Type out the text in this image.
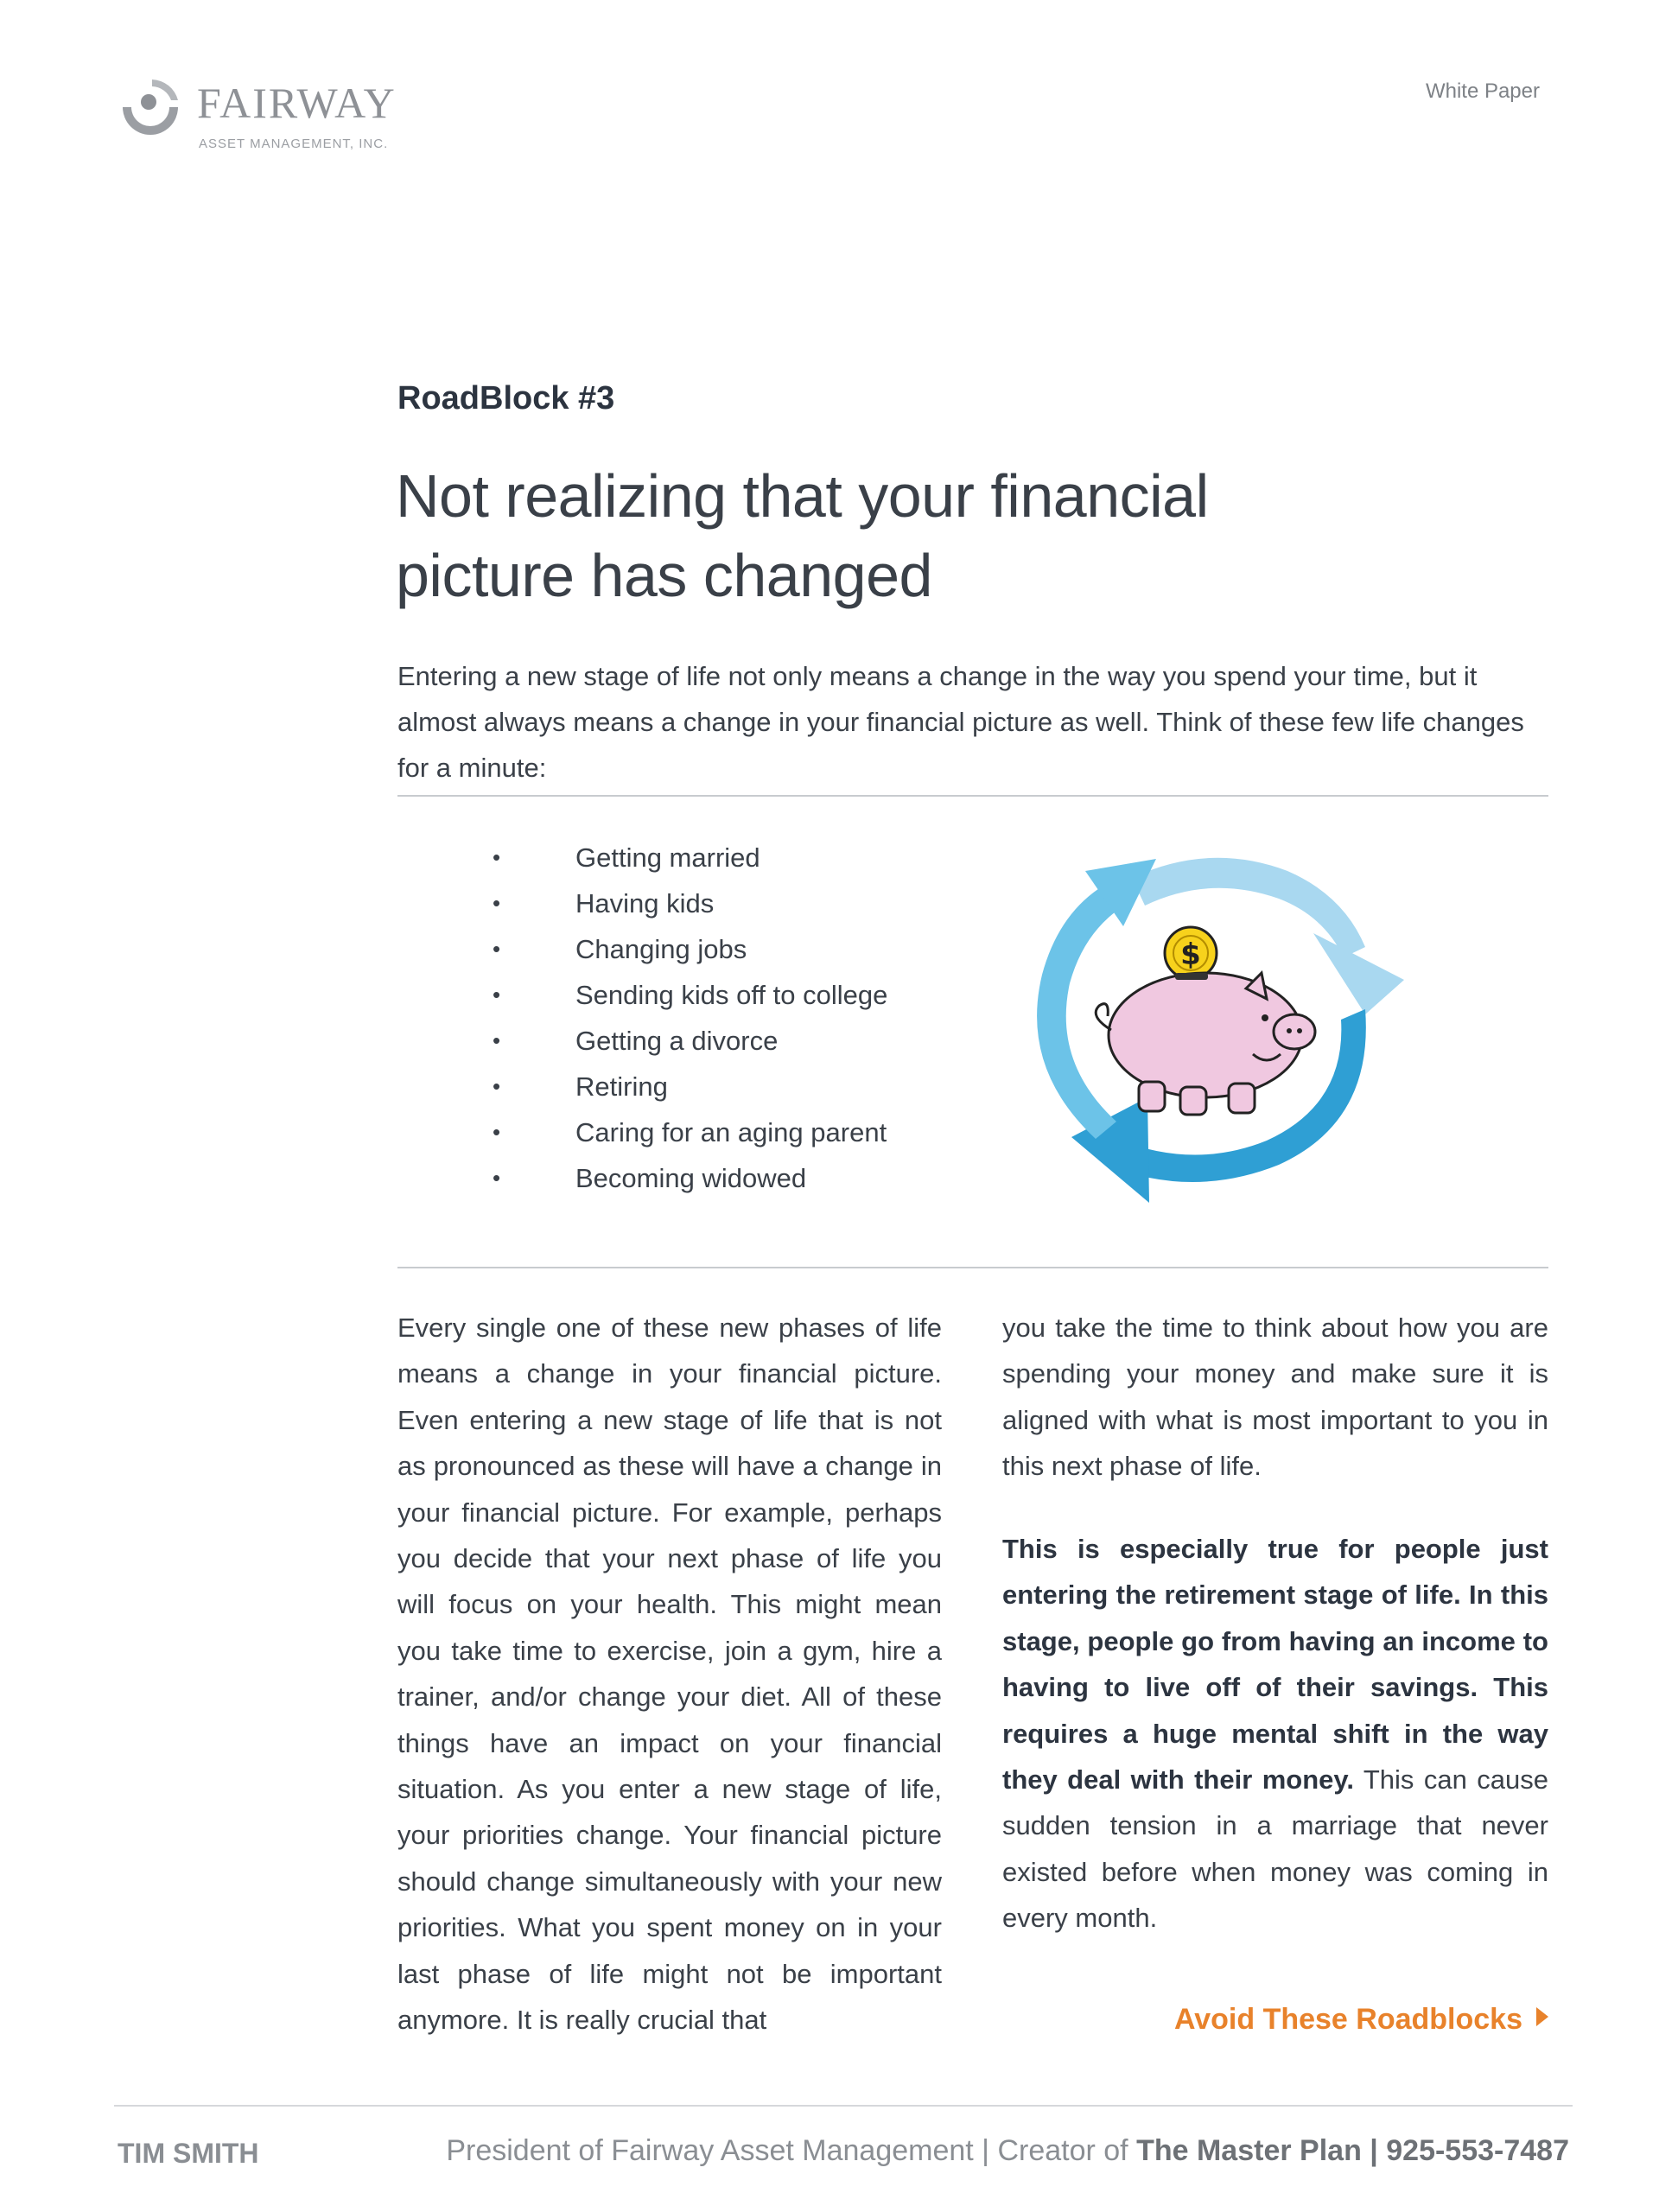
FAIRWAY
ASSET MANAGEMENT, INC.
White Paper
RoadBlock #3
Not realizing that your financial
picture has changed

Entering a new stage of life not only means a change in the way you spend your time, but it almost always means a change in your financial picture as well. Think of these few life changes for a minute:

• Getting married
• Having kids
• Changing jobs
• Sending kids off to college
• Getting a divorce
• Retiring
• Caring for an aging parent
• Becoming widowed
$

Every single one of these new phases of life means a change in your financial picture. Even entering a new stage of life that is not as pronounced as these will have a change in your financial picture. For example, perhaps you decide that your next phase of life you will focus on your health. This might mean you take time to exercise, join a gym, hire a trainer, and/or change your diet. All of these things have an impact on your financial situation. As you enter a new stage of life, your priorities change. Your financial picture should change simultaneously with your new priorities. What you spent money on in your last phase of life might not be important anymore. It is really crucial that

you take the time to think about how you are spending your money and make sure it is aligned with what is most important to you in this next phase of life.

This is especially true for people just entering the retirement stage of life. In this stage, people go from having an income to having to live off of their savings. This requires a huge mental shift in the way they deal with their money. This can cause sudden tension in a marriage that never existed before when money was coming in every month.

Avoid These Roadblocks
TIM SMITH	President of Fairway Asset Management | Creator of The Master Plan | 925-553-7487
